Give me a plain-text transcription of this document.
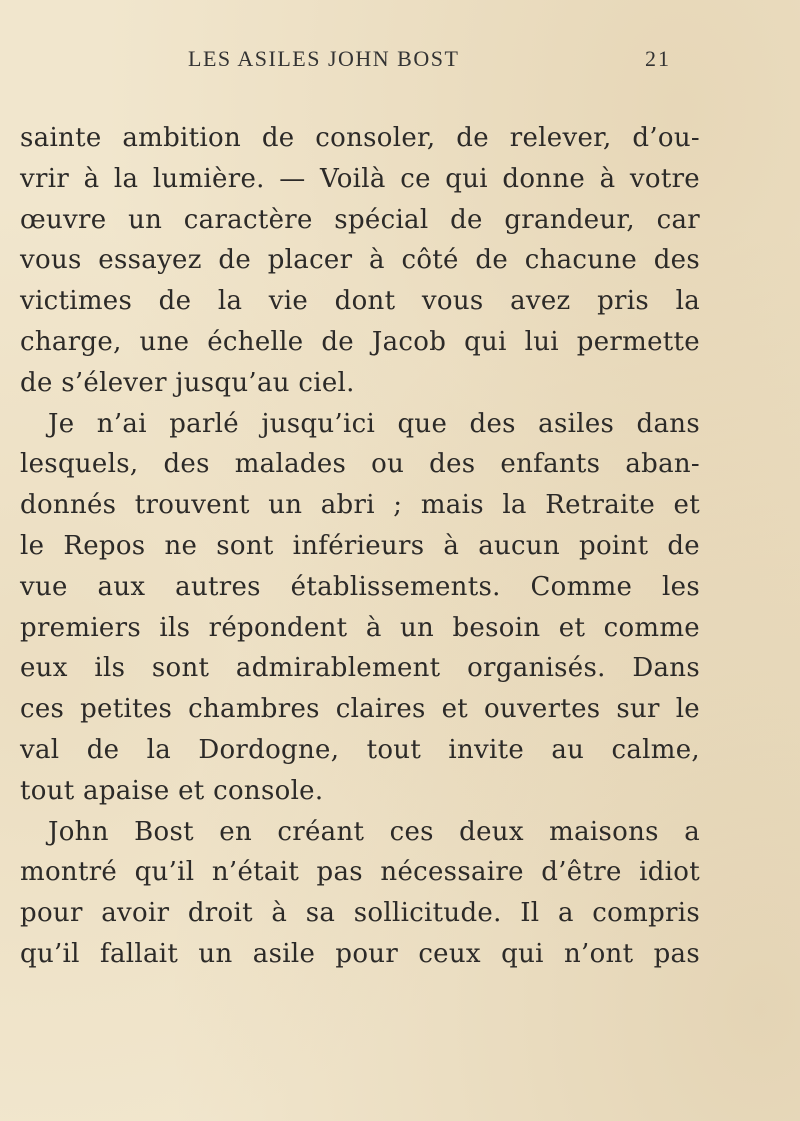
LES ASILES JOHN BOST	21
sainte ambition de consoler, de relever, d’ou-
vrir à la lumière. — Voilà ce qui donne à votre
œuvre un caractère spécial de grandeur, car
vous essayez de placer à côté de chacune des
victimes de la vie dont vous avez pris la
charge, une échelle de Jacob qui lui permette
de s’élever jusqu’au ciel.
Je n’ai parlé jusqu’ici que des asiles dans
lesquels, des malades ou des enfants aban-
donnés trouvent un abri ; mais la Retraite et
le Repos ne sont inférieurs à aucun point de
vue aux autres établissements. Comme les
premiers ils répondent à un besoin et comme
eux ils sont admirablement organisés. Dans
ces petites chambres claires et ouvertes sur le
val de la Dordogne, tout invite au calme,
tout apaise et console.
John Bost en créant ces deux maisons a
montré qu’il n’était pas nécessaire d’être idiot
pour avoir droit à sa sollicitude. Il a compris
qu’il fallait un asile pour ceux qui n’ont pas
